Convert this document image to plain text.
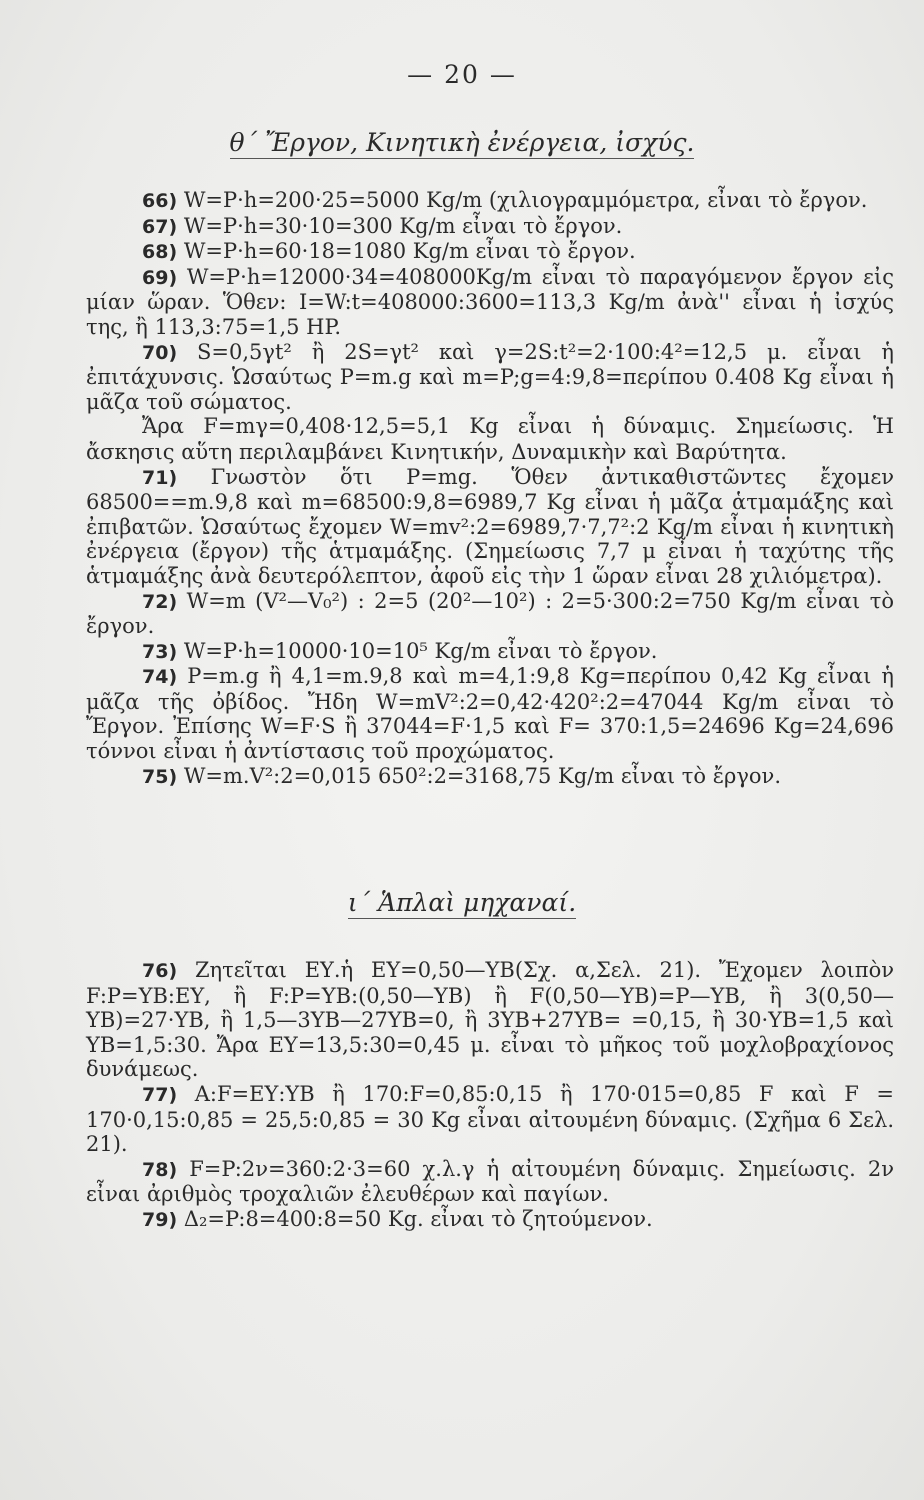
— 20 —
θ΄ Ἔργον, Κινητικὴ ἐνέργεια, ἰσχύς.

66) W=P·h=200·25=5000 Kg/m (χιλιογραμμόμετρα, εἶναι τὸ ἔργον.

67) W=P·h=30·10=300 Kg/m εἶναι τὸ ἔργον.

68) W=P·h=60·18=1080 Kg/m εἶναι τὸ ἔργον.

69) W=P·h=12000·34=408000Kg/m εἶναι τὸ παραγόμενον ἔργον εἰς μίαν ὥραν. Ὅθεν: I=W:t=408000:3600=113,3 Kg/m ἀνὰ'' εἶναι ἡ ἰσχύς της, ἢ 113,3:75=1,5 HP.

70) S=0,5γt² ἢ 2S=γt² καὶ γ=2S:t²=2·100:4²=12,5 μ. εἶναι ἡ ἐπιτάχυνσις. Ὡσαύτως P=m.g καὶ m=P;g=4:9,8=περίπου 0.408 Kg εἶναι ἡ μᾶζα τοῦ σώματος.

Ἄρα F=mγ=0,408·12,5=5,1 Kg εἶναι ἡ δύναμις. Σημείωσις. Ἡ ἄσκησις αὕτη περιλαμβάνει Κινητικήν, Δυναμικὴν καὶ Βαρύτητα.

71) Γνωστὸν ὅτι P=mg. Ὅθεν ἀντικαθιστῶντες ἔχομεν 68500==m.9,8 καὶ m=68500:9,8=6989,7 Kg εἶναι ἡ μᾶζα ἁτμαμάξης καὶ ἐπιβατῶν. Ὡσαύτως ἔχομεν W=mv²:2=6989,7·7,7²:2 Kg/m εἶναι ἡ κινητικὴ ἐνέργεια (ἔργον) τῆς ἁτμαμάξης. (Σημείωσις 7,7 μ εἶναι ἡ ταχύτης τῆς ἁτμαμάξης ἀνὰ δευτερόλεπτον, ἀφοῦ εἰς τὴν 1 ὥραν εἶναι 28 χιλιόμετρα).

72) W=m (V²—V₀²) : 2=5 (20²—10²) : 2=5·300:2=750 Kg/m εἶναι τὸ ἔργον.

73) W=P·h=10000·10=10⁵ Kg/m εἶναι τὸ ἔργον.

74) P=m.g ἢ 4,1=m.9,8 καὶ m=4,1:9,8 Kg=περίπου 0,42 Kg εἶναι ἡ μᾶζα τῆς ὀβίδος. Ἤδη W=mV²:2=0,42·420²:2=47044 Kg/m εἶναι τὸ Ἔργον. Ἐπίσης W=F·S ἢ 37044=F·1,5 καὶ F= 370:1,5=24696 Kg=24,696 τόννοι εἶναι ἡ ἀντίστασις τοῦ προχώματος.

75) W=m.V²:2=0,015 650²:2=3168,75 Kg/m εἶναι τὸ ἔργον.

ι΄ Ἁπλαὶ μηχαναί.

76) Ζητεῖται ΕΥ.ἡ ΕΥ=0,50—ΥΒ(Σχ. α,Σελ. 21). Ἔχομεν λοιπὸν F:P=ΥΒ:ΕΥ, ἢ F:P=ΥΒ:(0,50—ΥΒ) ἢ F(0,50—ΥΒ)=P—ΥΒ, ἢ 3(0,50—ΥΒ)=27·ΥΒ, ἢ 1,5—3ΥΒ—27ΥΒ=0, ἢ 3ΥΒ+27ΥΒ= =0,15, ἢ 30·ΥΒ=1,5 καὶ ΥΒ=1,5:30. Ἄρα ΕΥ=13,5:30=0,45 μ. εἶναι τὸ μῆκος τοῦ μοχλοβραχίονος δυνάμεως.

77) A:F=ΕΥ:ΥΒ ἢ 170:F=0,85:0,15 ἢ 170·015=0,85 F καὶ F = 170·0,15:0,85 = 25,5:0,85 = 30 Kg εἶναι αἰτουμένη δύναμις. (Σχῆμα 6 Σελ. 21).

78) F=P:2ν=360:2·3=60 χ.λ.γ ἡ αἰτουμένη δύναμις. Σημείωσις. 2ν εἶναι ἀριθμὸς τροχαλιῶν ἐλευθέρων καὶ παγίων.

79) Δ₂=P:8=400:8=50 Kg. εἶναι τὸ ζητούμενον.
